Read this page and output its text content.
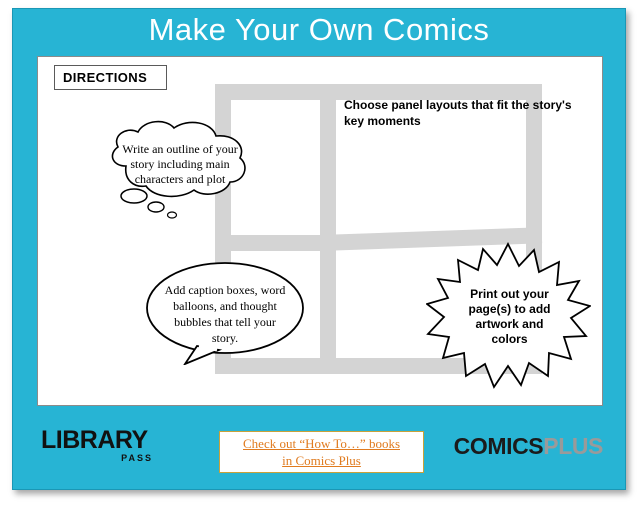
Make Your Own Comics
DIRECTIONS
Choose panel layouts that fit the story's key moments
Write an outline of your story including main characters and plot
Add caption boxes, word balloons, and thought bubbles that tell your story.
Print out your page(s) to add artwork and colors
LIBRARY
PASS
Check out “How To…” books
in Comics Plus
COMICSPLUS
